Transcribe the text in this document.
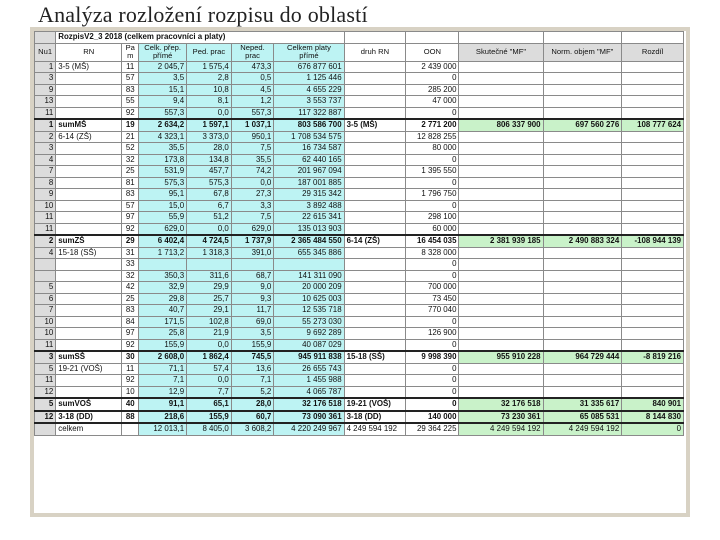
Analýza rozložení rozpisu do oblastí
	RozpisV2_3 2018 (celkem pracovníci a platy)										
Nu1	RN	Pa m	Celk. přep. přímé	Ped. prac	Neped. prac	Celkem platy přímé	druh RN	OON	Skutečné "MF"	Norm. objem "MF"	Rozdíl
1	3-5 (MŠ)	11	2 045,7	1 575,4	473,3	676 877 601		2 439 000			
3		57	3,5	2,8	0,5	1 125 446		0			
9		83	15,1	10,8	4,5	4 655 229		285 200			
13		55	9,4	8,1	1,2	3 553 737		47 000			
11		92	557,3	0,0	557,3	117 322 887		0			
1	sumMŠ	19	2 634,2	1 597,1	1 037,1	803 586 700	3-5 (MŠ)	2 771 200	806 337 900	697 560 276	108 777 624
2	6-14 (ZŠ)	21	4 323,1	3 373,0	950,1	1 708 534 575		12 828 255			
3		52	35,5	28,0	7,5	16 734 587		80 000			
4		32	173,8	134,8	35,5	62 440 165		0			
7		25	531,9	457,7	74,2	201 967 094		1 395 550			
8		81	575,3	575,3	0,0	187 001 885		0			
9		83	95,1	67,8	27,3	29 315 342		1 796 750			
10		57	15,0	6,7	3,3	3 892 488		0			
11		97	55,9	51,2	7,5	22 615 341		298 100			
11		92	629,0	0,0	629,0	135 013 903		60 000			
2	sumZŠ	29	6 402,4	4 724,5	1 737,9	2 365 484 550	6-14 (ZŠ)	16 454 035	2 381 939 185	2 490 883 324	-108 944 139
4	15-18 (SŠ)	31	1 713,2	1 318,3	391,0	655 345 886		8 328 000			
		33						0			
		32	350,3	311,6	68,7	141 311 090		0			
5		42	32,9	29,9	9,0	20 000 209		700 000			
6		25	29,8	25,7	9,3	10 625 003		73 450			
7		83	40,7	29,1	11,7	12 535 718		770 040			
10		84	171,5	102,8	69,0	55 273 030		0			
10		97	25,8	21,9	3,5	9 692 289		126 900			
11		92	155,9	0,0	155,9	40 087 029		0			
3	sumSŠ	30	2 608,0	1 862,4	745,5	945 911 838	15-18 (SŠ)	9 998 390	955 910 228	964 729 444	-8 819 216
5	19-21 (VOŠ)	11	71,1	57,4	13,6	26 655 743		0			
11		92	7,1	0,0	7,1	1 455 988		0			
12		10	12,9	7,7	5,2	4 065 787		0			
5	sumVOŠ	40	91,1	65,1	28,0	32 176 518	19-21 (VOŠ)	0	32 176 518	31 335 617	840 901
12	3-18 (DD)	88	218,6	155,9	60,7	73 090 361	3-18 (DD)	140 000	73 230 361	65 085 531	8 144 830
	celkem		12 013,1	8 405,0	3 608,2	4 220 249 967	4 249 594 192	29 364 225	4 249 594 192	4 249 594 192	0
